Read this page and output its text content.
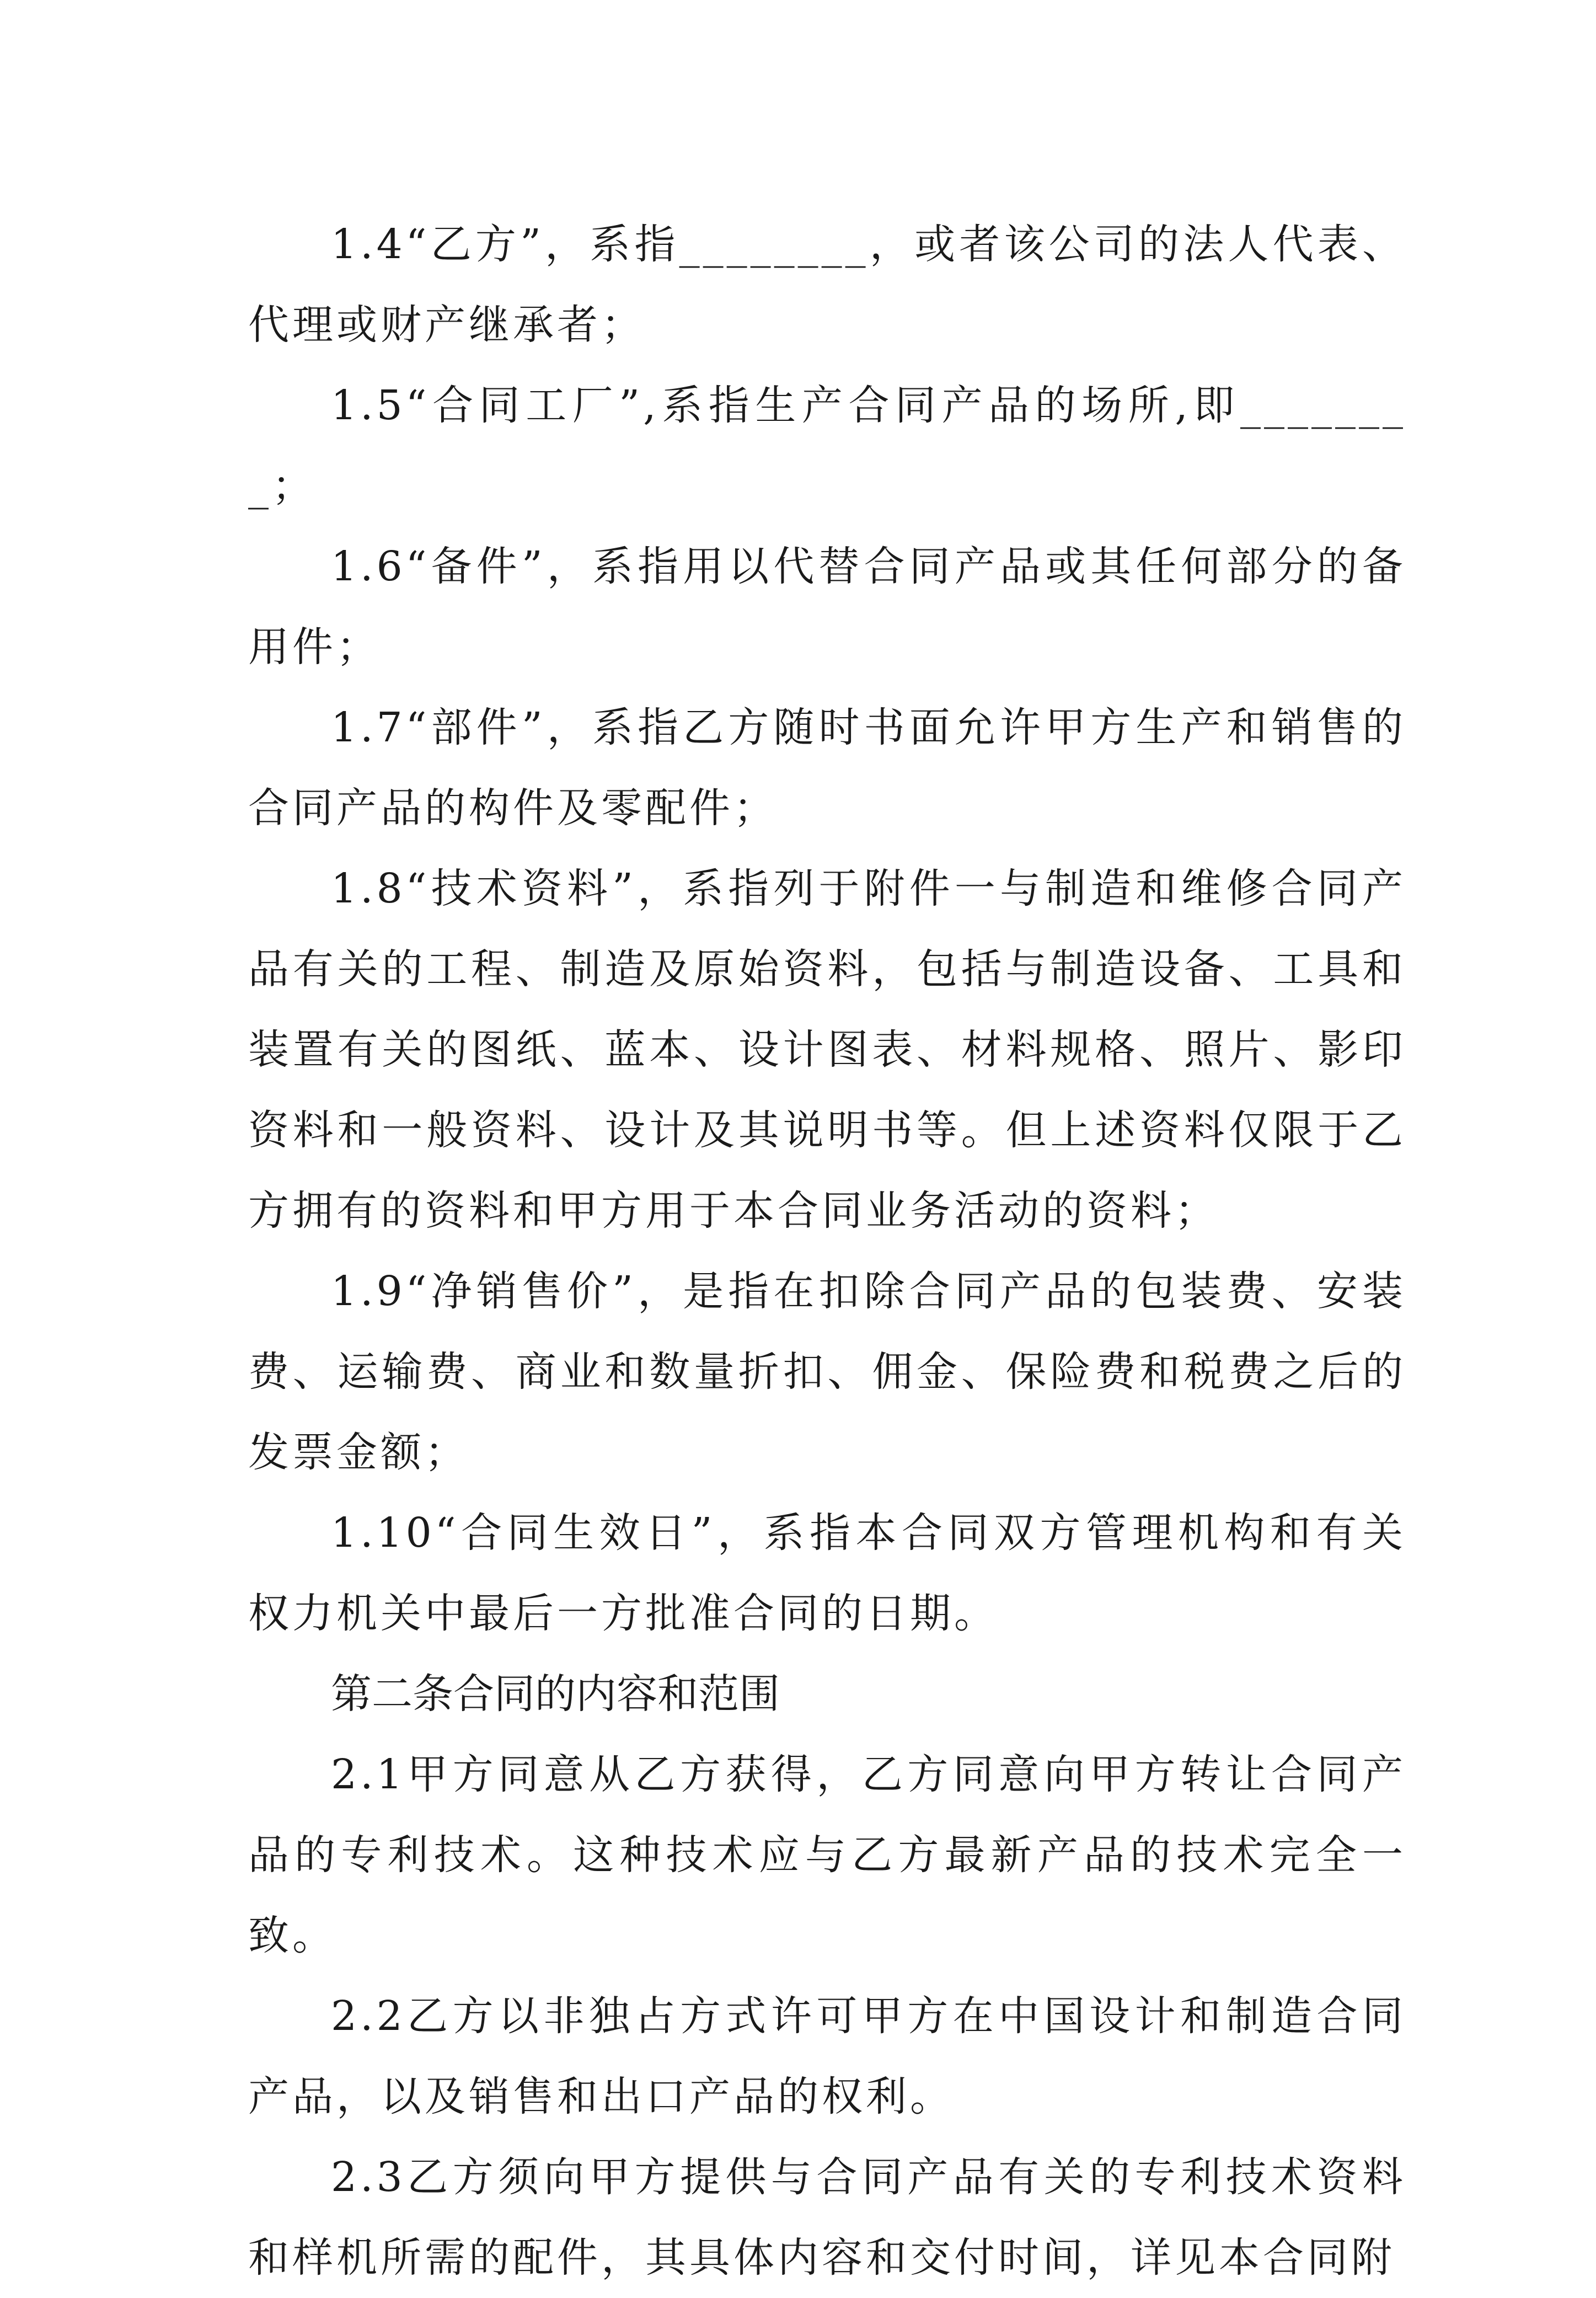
1.4“乙方”，系指________，或者该公司的法人代表、代理或财产继承者；

1.5“合同工厂”,系指生产合同产品的场所,即________；

1.6“备件”，系指用以代替合同产品或其任何部分的备用件；

1.7“部件”，系指乙方随时书面允许甲方生产和销售的合同产品的构件及零配件；

1.8“技术资料”，系指列于附件一与制造和维修合同产品有关的工程、制造及原始资料，包括与制造设备、工具和装置有关的图纸、蓝本、设计图表、材料规格、照片、影印资料和一般资料、设计及其说明书等。但上述资料仅限于乙方拥有的资料和甲方用于本合同业务活动的资料；

1.9“净销售价”，是指在扣除合同产品的包装费、安装费、运输费、商业和数量折扣、佣金、保险费和税费之后的发票金额；

1.10“合同生效日”，系指本合同双方管理机构和有关权力机关中最后一方批准合同的日期。

第二条合同的内容和范围

2.1甲方同意从乙方获得，乙方同意向甲方转让合同产品的专利技术。这种技术应与乙方最新产品的技术完全一致。

2.2乙方以非独占方式许可甲方在中国设计和制造合同产品，以及销售和出口产品的权利。

2.3乙方须向甲方提供与合同产品有关的专利技术资料和样机所需的配件，其具体内容和交付时间，详见本合同附
